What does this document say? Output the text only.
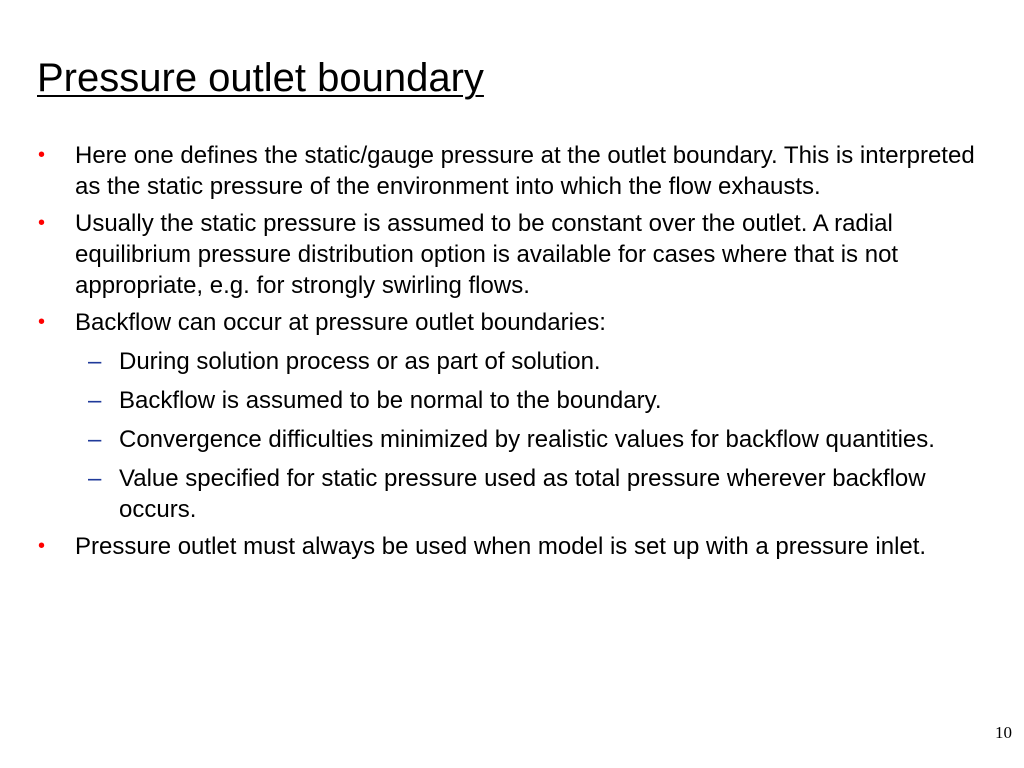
Pressure outlet boundary

• Here one defines the static/gauge pressure at the outlet boundary. This is interpreted as the static pressure of the environment into which the flow exhausts.

• Usually the static pressure is assumed to be constant over the outlet. A radial equilibrium pressure distribution option is available for cases where that is not appropriate, e.g. for strongly swirling flows.

• Backflow can occur at pressure outlet boundaries:

– During solution process or as part of solution.

– Backflow is assumed to be normal to the boundary.

– Convergence difficulties minimized by realistic values for backflow quantities.

– Value specified for static pressure used as total pressure wherever backflow occurs.

• Pressure outlet must always be used when model is set up with a pressure inlet.

10
